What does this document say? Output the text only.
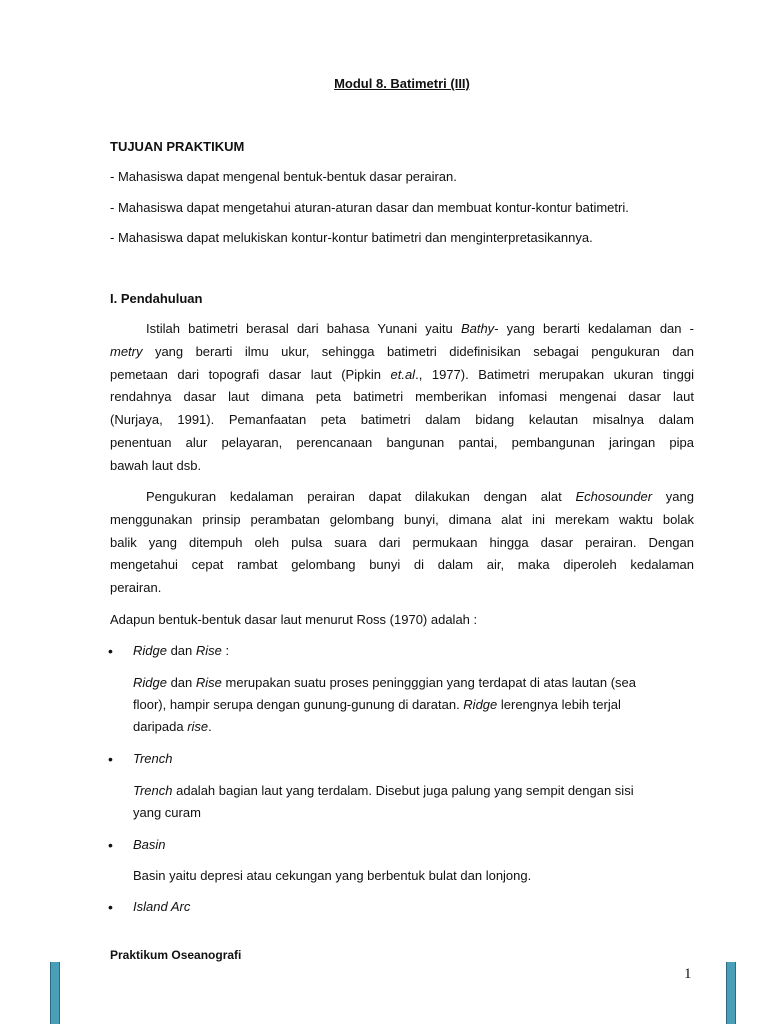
Modul 8. Batimetri (III)
TUJUAN PRAKTIKUM
- Mahasiswa dapat mengenal bentuk-bentuk dasar perairan.
- Mahasiswa dapat mengetahui aturan-aturan dasar dan membuat kontur-kontur batimetri.
- Mahasiswa dapat melukiskan kontur-kontur batimetri dan menginterpretasikannya.
I. Pendahuluan
Istilah batimetri berasal dari bahasa Yunani yaitu Bathy- yang berarti kedalaman dan -
metry yang berarti ilmu ukur, sehingga batimetri didefinisikan sebagai pengukuran dan
pemetaan dari topografi dasar laut (Pipkin et.al., 1977). Batimetri merupakan ukuran tinggi
rendahnya dasar laut dimana peta batimetri memberikan infomasi mengenai dasar laut
(Nurjaya, 1991). Pemanfaatan peta batimetri dalam bidang kelautan misalnya dalam
penentuan alur pelayaran, perencanaan bangunan pantai, pembangunan jaringan pipa
bawah laut dsb.
Pengukuran kedalaman perairan dapat dilakukan dengan alat Echosounder yang
menggunakan prinsip perambatan gelombang bunyi, dimana alat ini merekam waktu bolak
balik yang ditempuh oleh pulsa suara dari permukaan hingga dasar perairan. Dengan
mengetahui cepat rambat gelombang bunyi di dalam air, maka diperoleh kedalaman
perairan.
Adapun bentuk-bentuk dasar laut menurut Ross (1970) adalah :
• Ridge dan Rise :
Ridge dan Rise merupakan suatu proses peningggian yang terdapat di atas lautan (sea
floor), hampir serupa dengan gunung-gunung di daratan. Ridge lerengnya lebih terjal
daripada rise.
• Trench
Trench adalah bagian laut yang terdalam. Disebut juga palung yang sempit dengan sisi
yang curam
• Basin
Basin yaitu depresi atau cekungan yang berbentuk bulat dan lonjong.
• Island Arc
Praktikum Oseanografi
1
